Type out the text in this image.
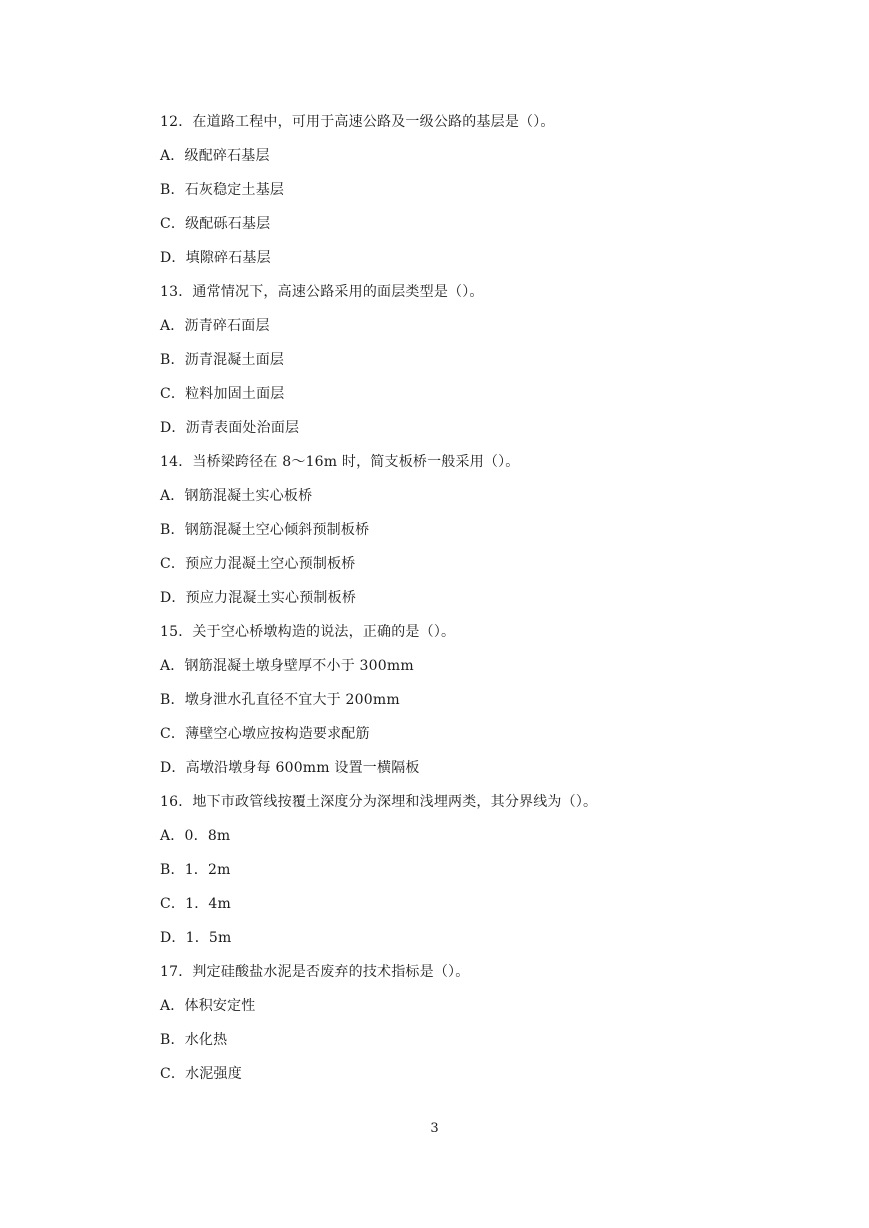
12．在道路工程中，可用于高速公路及一级公路的基层是（）。
A．级配碎石基层
B．石灰稳定土基层
C．级配砾石基层
D．填隙碎石基层
13．通常情况下，高速公路采用的面层类型是（）。
A．沥青碎石面层
B．沥青混凝土面层
C．粒料加固土面层
D．沥青表面处治面层
14．当桥梁跨径在 8～16m 时，简支板桥一般采用（）。
A．钢筋混凝土实心板桥
B．钢筋混凝土空心倾斜预制板桥
C．预应力混凝土空心预制板桥
D．预应力混凝土实心预制板桥
15．关于空心桥墩构造的说法，正确的是（）。
A．钢筋混凝土墩身壁厚不小于 300mm
B．墩身泄水孔直径不宜大于 200mm
C．薄壁空心墩应按构造要求配筋
D．高墩沿墩身每 600mm 设置一横隔板
16．地下市政管线按覆土深度分为深埋和浅埋两类，其分界线为（）。
A．0．8m
B．1．2m
C．1．4m
D．1．5m
17．判定硅酸盐水泥是否废弃的技术指标是（）。
A．体积安定性
B．水化热
C．水泥强度
3
